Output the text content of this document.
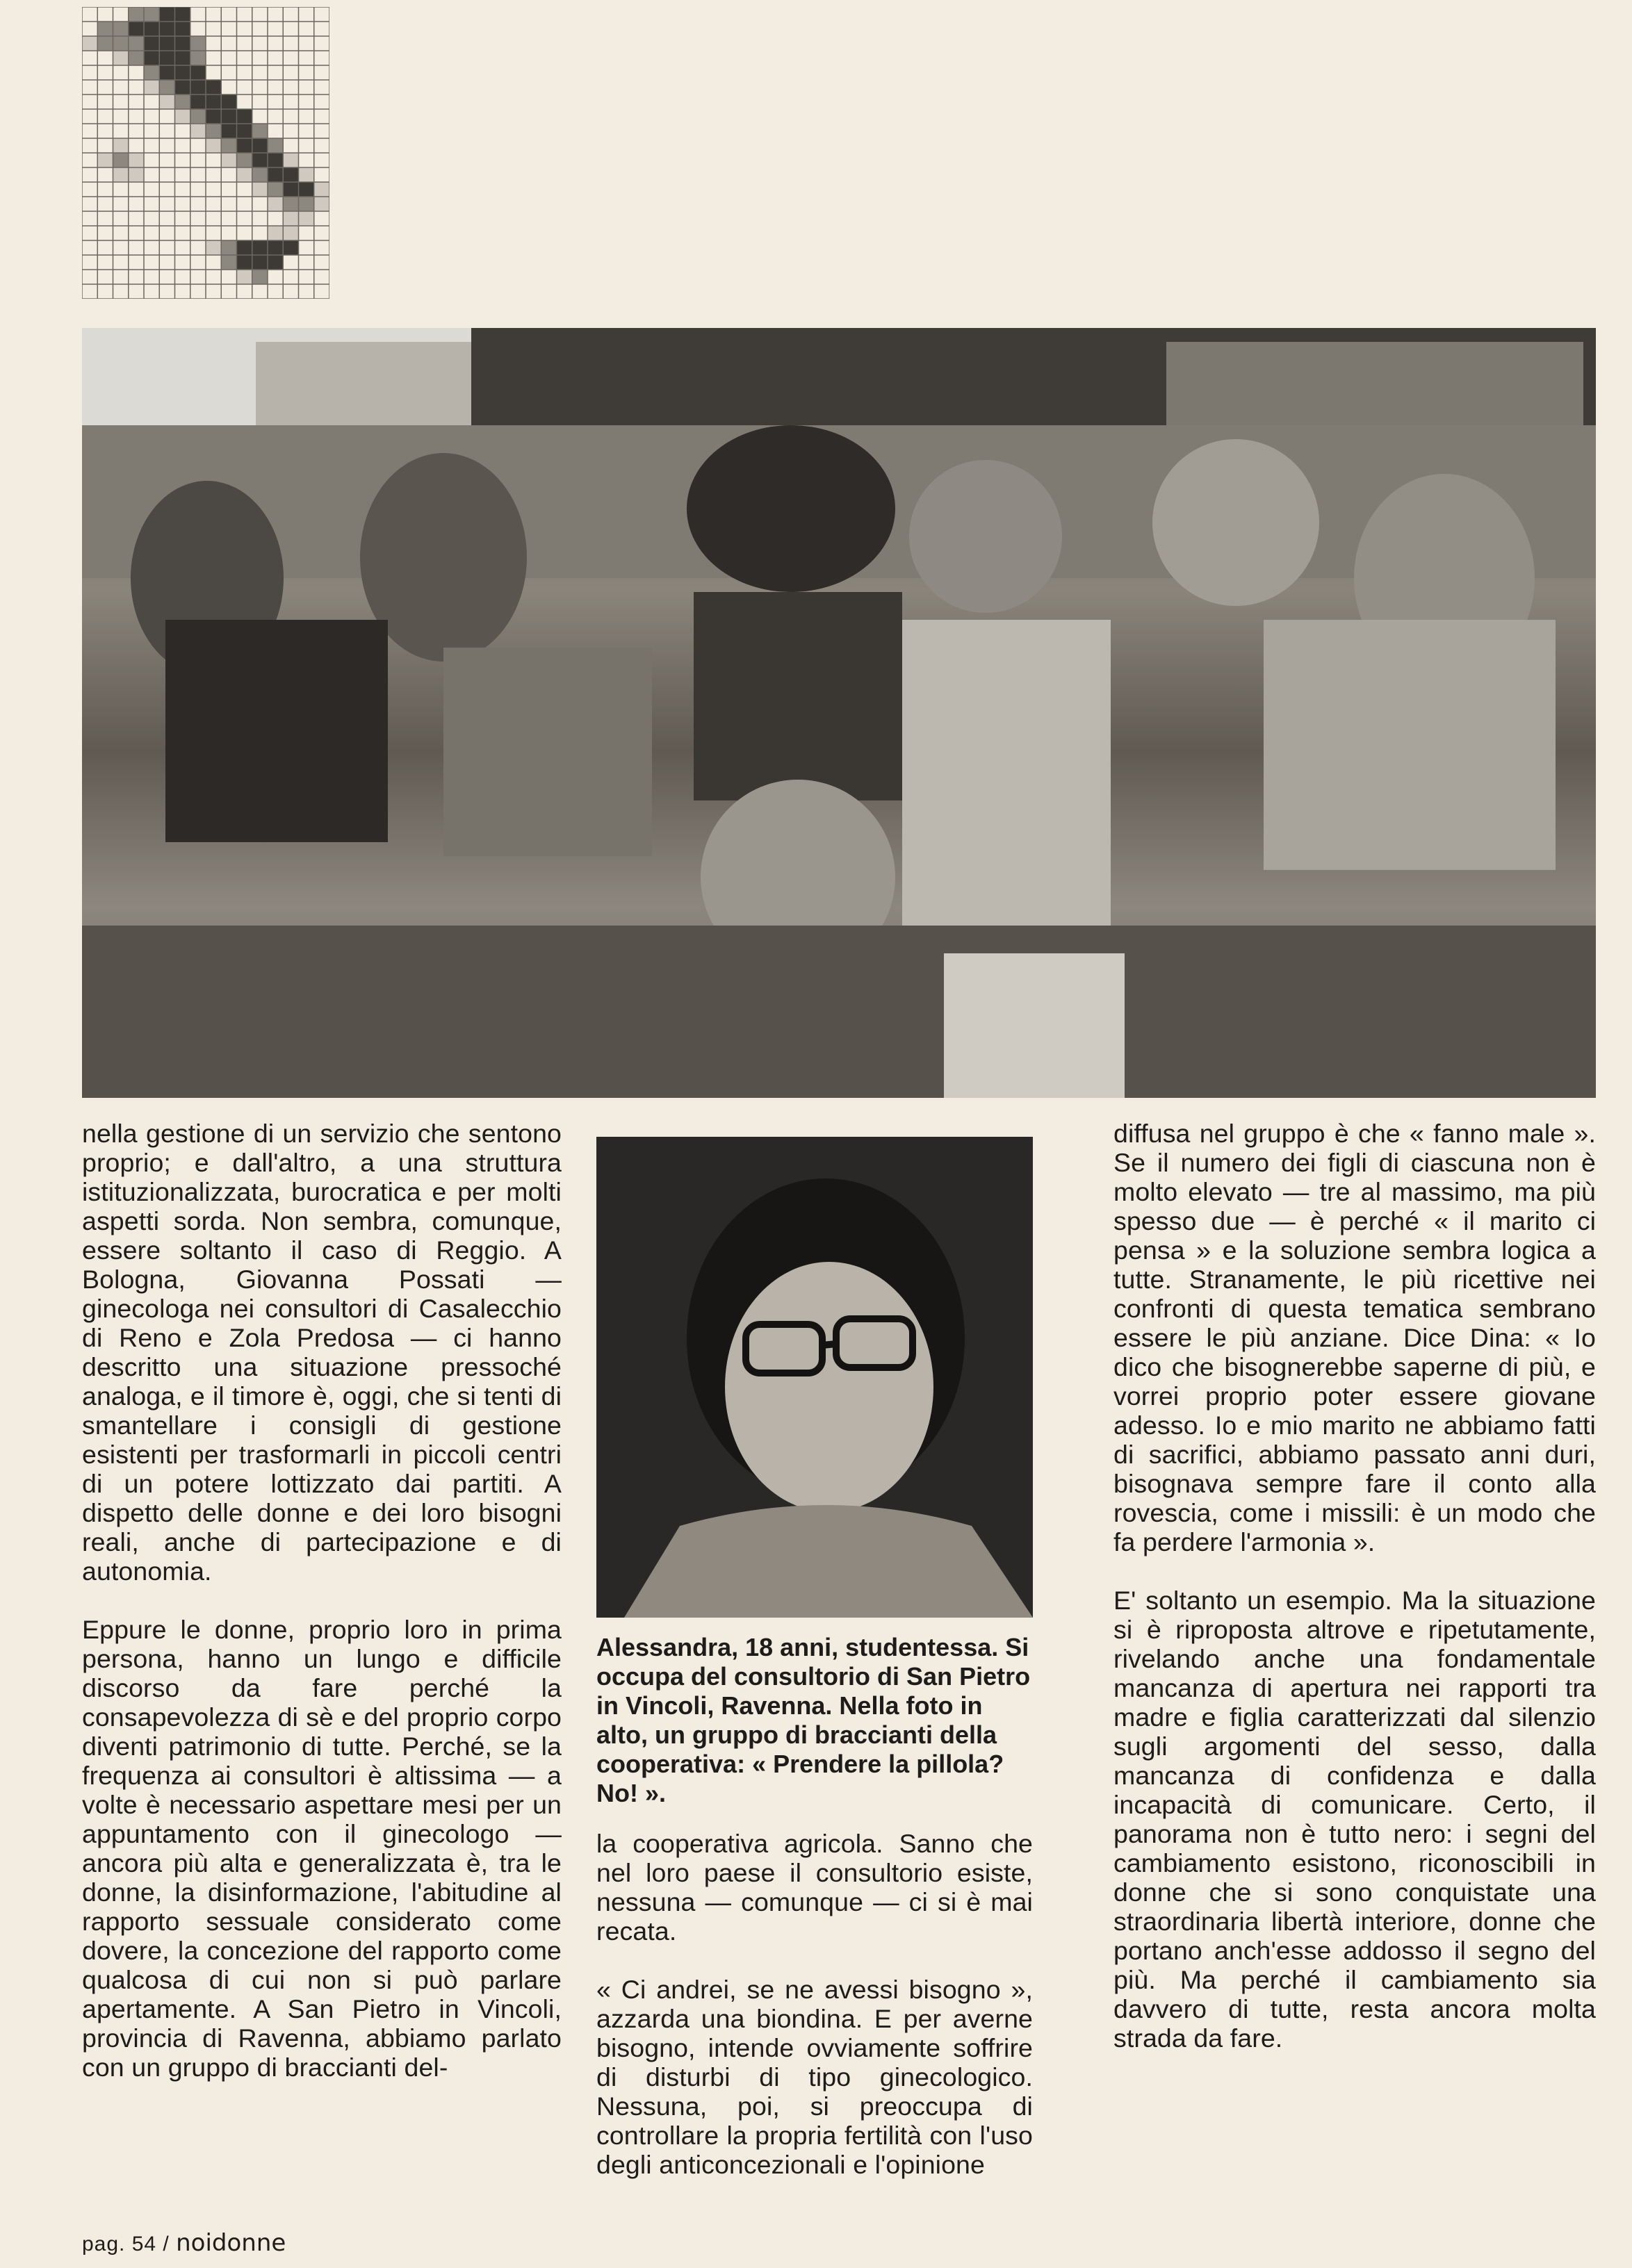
nella gestione di un servizio che sentono proprio; e dall'altro, a una struttura istituzionalizzata, burocratica e per molti aspetti sorda. Non sembra, comunque, essere soltanto il caso di Reggio. A Bologna, Giovanna Possati — ginecologa nei consultori di Casalecchio di Reno e Zola Predosa — ci hanno descritto una situazione pressoché analoga, e il timore è, oggi, che si tenti di smantellare i consigli di gestione esistenti per trasformarli in piccoli centri di un potere lottizzato dai partiti. A dispetto delle donne e dei loro bisogni reali, anche di partecipazione e di autonomia.

Eppure le donne, proprio loro in prima persona, hanno un lungo e difficile discorso da fare perché la consapevolezza di sè e del proprio corpo diventi patrimonio di tutte. Perché, se la frequenza ai consultori è altissima — a volte è necessario aspettare mesi per un appuntamento con il ginecologo — ancora più alta e generalizzata è, tra le donne, la disinformazione, l'abitudine al rapporto sessuale considerato come dovere, la concezione del rapporto come qualcosa di cui non si può parlare apertamente. A San Pietro in Vincoli, provincia di Ravenna, abbiamo parlato con un gruppo di braccianti del-

Alessandra, 18 anni, studentessa. Si occupa del consultorio di San Pietro in Vincoli, Ravenna. Nella foto in alto, un gruppo di braccianti della cooperativa: « Prendere la pillola? No! ».

la cooperativa agricola. Sanno che nel loro paese il consultorio esiste, nessuna — comunque — ci si è mai recata.

« Ci andrei, se ne avessi bisogno », azzarda una biondina. E per averne bisogno, intende ovviamente soffrire di disturbi di tipo ginecologico. Nessuna, poi, si preoccupa di controllare la propria fertilità con l'uso degli anticoncezionali e l'opinione

diffusa nel gruppo è che « fanno male ». Se il numero dei figli di ciascuna non è molto elevato — tre al massimo, ma più spesso due — è perché « il marito ci pensa » e la soluzione sembra logica a tutte. Stranamente, le più ricettive nei confronti di questa tematica sembrano essere le più anziane. Dice Dina: « Io dico che bisognerebbe saperne di più, e vorrei proprio poter essere giovane adesso. Io e mio marito ne abbiamo fatti di sacrifici, abbiamo passato anni duri, bisognava sempre fare il conto alla rovescia, come i missili: è un modo che fa perdere l'armonia ».

E' soltanto un esempio. Ma la situazione si è riproposta altrove e ripetutamente, rivelando anche una fondamentale mancanza di apertura nei rapporti tra madre e figlia caratterizzati dal silenzio sugli argomenti del sesso, dalla mancanza di confidenza e dalla incapacità di comunicare. Certo, il panorama non è tutto nero: i segni del cambiamento esistono, riconoscibili in donne che si sono conquistate una straordinaria libertà interiore, donne che portano anch'esse addosso il segno del più. Ma perché il cambiamento sia davvero di tutte, resta ancora molta strada da fare.

pag. 54 / noidonne
